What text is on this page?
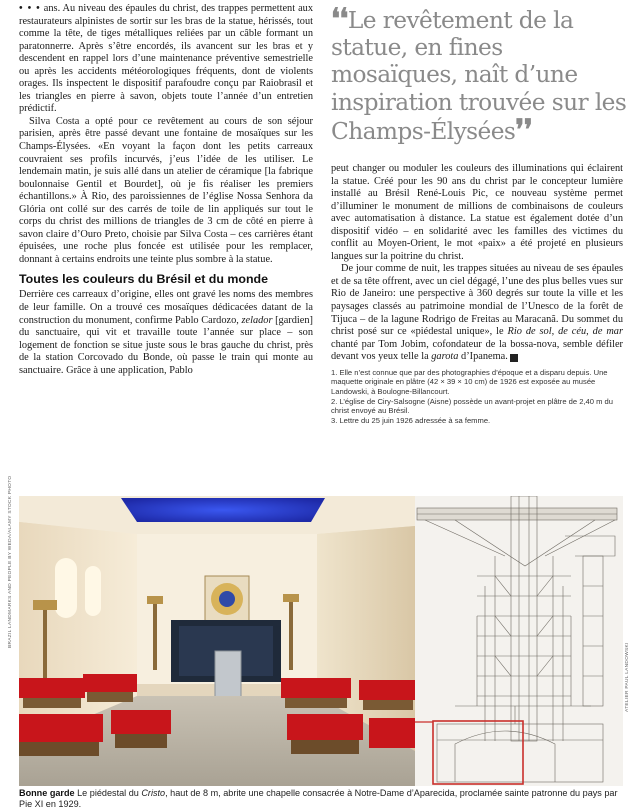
• • • ans. Au niveau des épaules du christ, des trappes permettent aux restaurateurs alpinistes de sortir sur les bras de la statue, hérissés, tout comme la tête, de tiges métalliques reliées par un câble formant un paratonnerre. Après s’être encordés, ils avancent sur les bras et y descendent en rappel lors d’une maintenance préventive semestrielle ou après les accidents météorologiques fréquents, dont de violents orages. Ils inspectent le dispositif parafoudre conçu par Raiobrasil et les triangles en pierre à savon, objets toute l’année d’un entretien prédictif.

Silva Costa a opté pour ce revêtement au cours de son séjour parisien, après être passé devant une fontaine de mosaïques sur les Champs-Élysées. «En voyant la façon dont les petits carreaux couvraient ses profils incurvés, j’eus l’idée de les utiliser. Le lendemain matin, je suis allé dans un atelier de céramique [la fabrique boulonnaise Gentil et Bourdet], où je fis réaliser les premiers échantillons.» À Rio, des paroissiennes de l’église Nossa Senhora da Glória ont collé sur des carrés de toile de lin appliqués sur tout le corps du christ des millions de triangles de 3 cm de côté en pierre à savon claire d’Ouro Preto, choisie par Silva Costa – ces carrières étant épuisées, une roche plus foncée est utilisée pour les remplacer, donnant à certains endroits une teinte plus sombre à la statue.

Toutes les couleurs du Brésil et du monde

Derrière ces carreaux d’origine, elles ont gravé les noms des membres de leur famille. On a trouvé ces mosaïques dédicacées datant de la construction du monument, confirme Pablo Cardozo, zelador [gardien] du sanctuaire, qui vit et travaille toute l’année sur place – son logement de fonction se situe juste sous le bras gauche du christ, près de la station Corcovado du Bonde, où passe le train qui monte au sanctuaire. Grâce à une application, Pablo

❛❛Le revêtement de la statue, en fines mosaïques, naît d’une inspiration trouvée sur les Champs-Élysées❜❜

peut changer ou moduler les couleurs des illuminations qui éclairent la statue. Créé pour les 90 ans du christ par le concepteur lumière installé au Brésil René-Louis Pic, ce nouveau système permet d’illuminer le monument de millions de combinaisons de couleurs avec automatisation à distance. La statue est également dotée d’un dispositif vidéo – en solidarité avec les familles des victimes du conflit au Moyen-Orient, le mot «paix» a été projeté en plusieurs langues sur la poitrine du christ.

De jour comme de nuit, les trappes situées au niveau de ses épaules et de sa tête offrent, avec un ciel dégagé, l’une des plus belles vues sur Rio de Janeiro: une perspective à 360 degrés sur toute la ville et les paysages classés au patrimoine mondial de l’Unesco de la forêt de Tijuca – de la lagune Rodrigo de Freitas au Maracanã. Du sommet du christ posé sur ce «piédestal unique», le Rio de sol, de céu, de mar chanté par Tom Jobim, cofondateur de la bossa-nova, semble défiler devant vos yeux telle la garota d’Ipanema. R

1. Elle n’est connue que par des photographies d’époque et a disparu depuis. Une maquette originale en plâtre (42 × 39 × 10 cm) de 1926 est exposée au musée Landowski, à Boulogne-Billancourt.

2. L’église de Ciry-Salsogne (Aisne) possède un avant-projet en plâtre de 2,40 m du christ envoyé au Brésil.

3. Lettre du 25 juin 1926 adressée à sa femme.

BRAZIL LANDMARKS AND PEOPLE BY WEDA/ALAMY STOCK PHOTO
ATELIER PAUL LANDOWSKI
Bonne garde Le piédestal du Cristo, haut de 8 m, abrite une chapelle consacrée à Notre-Dame d’Aparecida, proclamée sainte patronne du pays par Pie XI en 1929.
